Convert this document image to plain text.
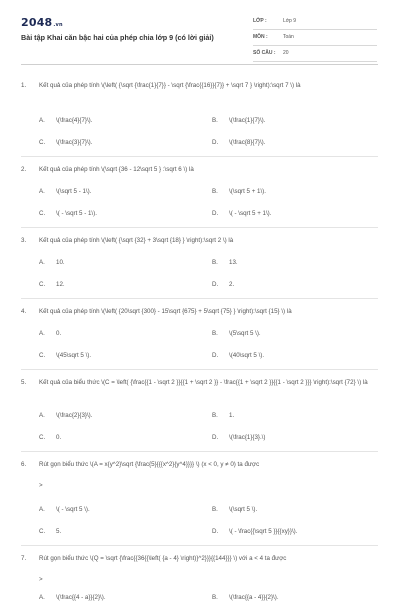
2048.vn
Bài tập Khai căn bậc hai của phép chia lớp 9 (có lời giải)
LỚP :	Lớp 9
MÔN :	Toán
SỐ CÂU : 20
1. Kết quả của phép tính \(\left( {\sqrt {\frac{1}{7}} - \sqrt {\frac{{16}}{7}} + \sqrt 7 } \right):\sqrt 7 \) là
A. \(\frac{4}{7}\).	B. \(\frac{1}{7}\).
C. \(\frac{3}{7}\).	D. \(\frac{8}{7}\).
2. Kết quả của phép tính \(\sqrt {36 - 12\sqrt 5 } :\sqrt 6 \) là
A. \(\sqrt 5 - 1\).	B. \(\sqrt 5 + 1\).
C. \( - \sqrt 5 - 1\).	D. \( - \sqrt 5 + 1\).
3. Kết quả của phép tính \(\left( {\sqrt {32} + 3\sqrt {18} } \right):\sqrt 2 \) là
A. 10.	B. 13.
C. 12.	D. 2.
4. Kết quả của phép tính \(\left( {20\sqrt {300} - 15\sqrt {675} + 5\sqrt {75} } \right):\sqrt {15} \) là
A. 0.	B. \(5\sqrt 5 \).
C. \(45\sqrt 5 \).	D. \(40\sqrt 5 \).
5. Kết quả của biểu thức \(C = \left( {\frac{{1 - \sqrt 2 }}{{1 + \sqrt 2 }} - \frac{{1 + \sqrt 2 }}{{1 - \sqrt 2 }}} \right):\sqrt {72} \) là
A. \(\frac{2}{3}\).	B. 1.
C. 0.	D. \(\frac{1}{3}.\)
6. Rút gọn biểu thức \(A = x{y^2}\sqrt {\frac{5}{{{x^2}{y^4}}}} \) (x < 0, y ≠ 0) ta được
>
A. \( - \sqrt 5 \).	B. \(\sqrt 5 \).
C. 5.	D. \( - \frac{{\sqrt 5 }}{{xy}}\).
7. Rút gọn biểu thức \(Q = \sqrt {\frac{{36{{\left( {a - 4} \right)}^2}}}{{144}}} \) với a < 4 ta được
>
A. \(\frac{{4 - a}}{2}\).	B. \(\frac{{a - 4}}{2}\).
